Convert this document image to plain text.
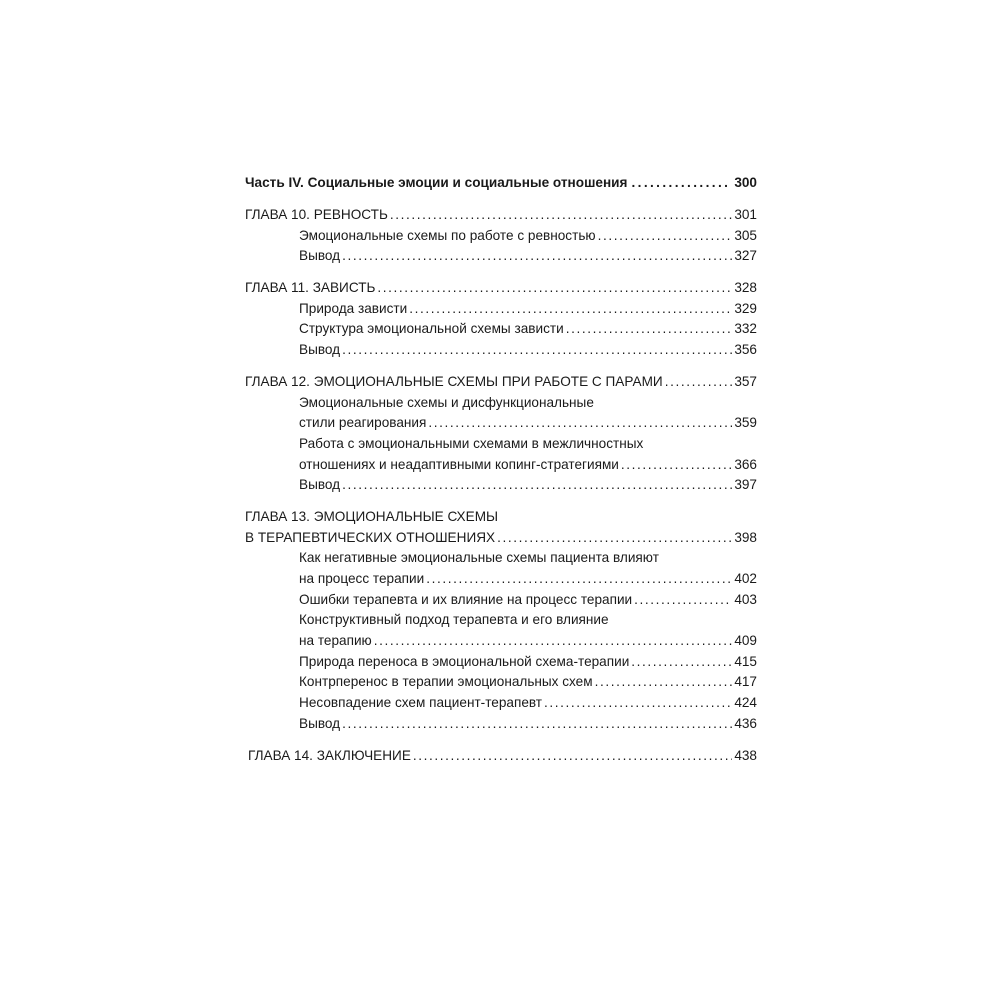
Часть IV. Социальные эмоции и социальные отношения .....	300
ГЛАВА 10. РЕВНОСТЬ .....	301
Эмоциональные схемы по работе с ревностью .....	305
Вывод .....	327
ГЛАВА 11. ЗАВИСТЬ .....	328
Природа зависти .....	329
Структура эмоциональной схемы зависти .....	332
Вывод .....	356
ГЛАВА 12. ЭМОЦИОНАЛЬНЫЕ СХЕМЫ ПРИ РАБОТЕ С ПАРАМИ .....	357
Эмоциональные схемы и дисфункциональные
стили реагирования .....	359
Работа с эмоциональными схемами в межличностных
отношениях и неадаптивными копинг-стратегиями .....	366
Вывод .....	397
ГЛАВА 13. ЭМОЦИОНАЛЬНЫЕ СХЕМЫ
В ТЕРАПЕВТИЧЕСКИХ ОТНОШЕНИЯХ .....	398
Как негативные эмоциональные схемы пациента влияют
на процесс терапии .....	402
Ошибки терапевта и их влияние на процесс терапии .....	403
Конструктивный подход терапевта и его влияние
на терапию .....	409
Природа переноса в эмоциональной схема-терапии .....	415
Контрперенос в терапии эмоциональных схем .....	417
Несовпадение схем пациент-терапевт .....	424
Вывод .....	436
ГЛАВА 14. ЗАКЛЮЧЕНИЕ .....	438
